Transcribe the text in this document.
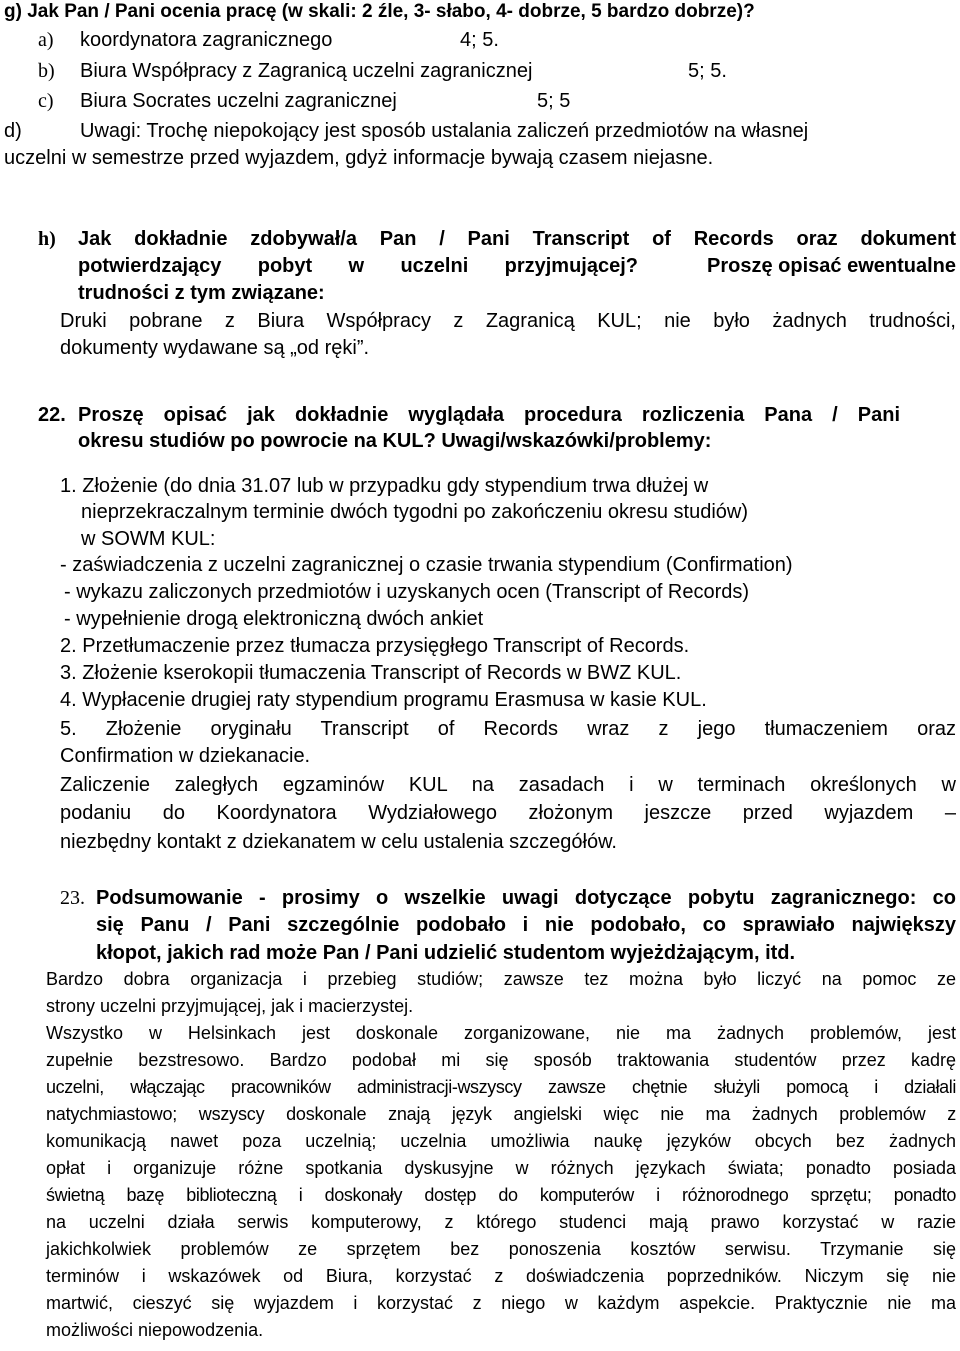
g) Jak Pan / Pani ocenia pracę (w skali: 2 źle, 3- słabo, 4- dobrze, 5 bardzo dobrze)?
a) koordynatora zagranicznego	4; 5.
b) Biura Współpracy z Zagranicą uczelni zagranicznej	5; 5.
c) Biura Socrates uczelni zagranicznej	5; 5
d)	Uwagi: Trochę niepokojący jest sposób ustalania zaliczeń przedmiotów na własnej
uczelni w semestrze przed wyjazdem, gdyż informacje bywają czasem niejasne.
h) Jak dokładnie zdobywał/a Pan / Pani Transcript of Records oraz dokument
potwierdzający pobyt w uczelni przyjmującej?	Proszę opisać ewentualne
trudności z tym związane:
Druki pobrane z Biura Współpracy z Zagranicą KUL; nie było żadnych trudności,
dokumenty wydawane są „od ręki”.
22. Proszę opisać jak dokładnie wyglądała procedura rozliczenia Pana / Pani
okresu studiów po powrocie na KUL? Uwagi/wskazówki/problemy:
1. Złożenie (do dnia 31.07 lub w przypadku gdy stypendium trwa dłużej w
nieprzekraczalnym terminie dwóch tygodni po zakończeniu okresu studiów)
w SOWM KUL:
- zaświadczenia z uczelni zagranicznej o czasie trwania stypendium (Confirmation)
- wykazu zaliczonych przedmiotów i uzyskanych ocen (Transcript of Records)
- wypełnienie drogą elektroniczną dwóch ankiet
2. Przetłumaczenie przez tłumacza przysięgłego Transcript of Records.
3. Złożenie kserokopii tłumaczenia Transcript of Records w BWZ KUL.
4. Wypłacenie drugiej raty stypendium programu Erasmusa w kasie KUL.
5. Złożenie oryginału Transcript of Records wraz z jego tłumaczeniem oraz
Confirmation w dziekanacie.
Zaliczenie zaległych egzaminów KUL na zasadach i w terminach określonych w
podaniu do Koordynatora Wydziałowego złożonym jeszcze przed wyjazdem –
niezbędny kontakt z dziekanatem w celu ustalenia szczegółów.
23. Podsumowanie - prosimy o wszelkie uwagi dotyczące pobytu zagranicznego: co
się Panu / Pani szczególnie podobało i nie podobało, co sprawiało największy
kłopot, jakich rad może Pan / Pani udzielić studentom wyjeżdżającym, itd.
Bardzo dobra organizacja i przebieg studiów; zawsze tez można było liczyć na pomoc ze
strony uczelni przyjmującej, jak i macierzystej.
Wszystko w Helsinkach jest doskonale zorganizowane, nie ma żadnych problemów, jest
zupełnie bezstresowo. Bardzo podobał mi się sposób traktowania studentów przez kadrę
uczelni, włączając pracowników administracji-wszyscy zawsze chętnie służyli pomocą i działali
natychmiastowo; wszyscy doskonale znają język angielski więc nie ma żadnych problemów z
komunikacją nawet poza uczelnią; uczelnia umożliwia naukę języków obcych bez żadnych
opłat i organizuje różne spotkania dyskusyjne w różnych językach świata; ponadto posiada
świetną bazę biblioteczną i doskonały dostęp do komputerów i różnorodnego sprzętu; ponadto
na uczelni działa serwis komputerowy, z którego studenci mają prawo korzystać w razie
jakichkolwiek problemów ze sprzętem bez ponoszenia kosztów serwisu. Trzymanie się
terminów i wskazówek od Biura, korzystać z doświadczenia poprzedników. Niczym się nie
martwić, cieszyć się wyjazdem i korzystać z niego w każdym aspekcie. Praktycznie nie ma
możliwości niepowodzenia.
